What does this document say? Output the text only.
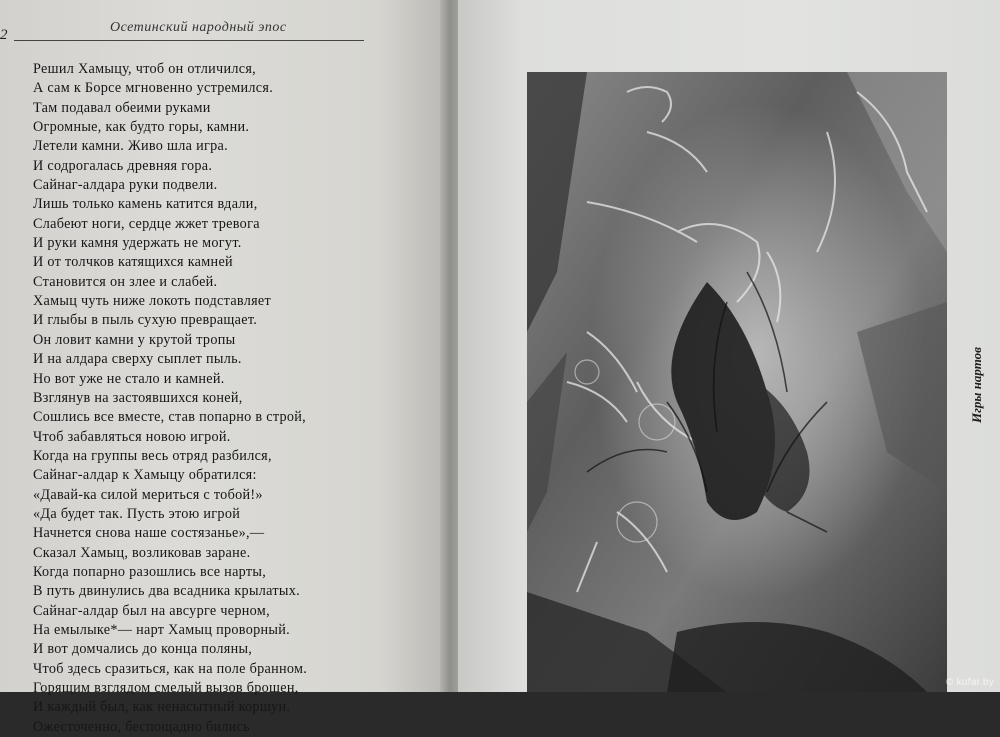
2	Осетинский народный эпос
Решил Хамыцу, чтоб он отличился,
А сам к Борсе мгновенно устремился.
Там подавал обеими руками
Огромные, как будто горы, камни.
Летели камни. Живо шла игра.
И содрогалась древняя гора.
Сайнаг-алдара руки подвели.
Лишь только камень катится вдали,
Слабеют ноги, сердце жжет тревога
И руки камня удержать не могут.
И от толчков катящихся камней
Становится он злее и слабей.
Хамыц чуть ниже локоть подставляет
И глыбы в пыль сухую превращает.
Он ловит камни у крутой тропы
И на алдара сверху сыплет пыль.
Но вот уже не стало и камней.
Взглянув на застоявшихся коней,
Сошлись все вместе, став попарно в строй,
Чтоб забавляться новою игрой.
Когда на группы весь отряд разбился,
Сайнаг-алдар к Хамыцу обратился:
«Давай-ка силой мериться с тобой!»
«Да будет так. Пусть этою игрой
Начнется снова наше состязанье»,—
Сказал Хамыц, возликовав заране.
Когда попарно разошлись все нарты,
В путь двинулись два всадника крылатых.
Сайнаг-алдар был на авсурге черном,
На емылыке*— нарт Хамыц проворный.
И вот домчались до конца поляны,
Чтоб здесь сразиться, как на поле бранном.
Горящим взглядом смелый вызов брошен,
И каждый был, как ненасытный коршун.
Ожесточенно, беспощадно бились
Игры нартов
© kufar.by
